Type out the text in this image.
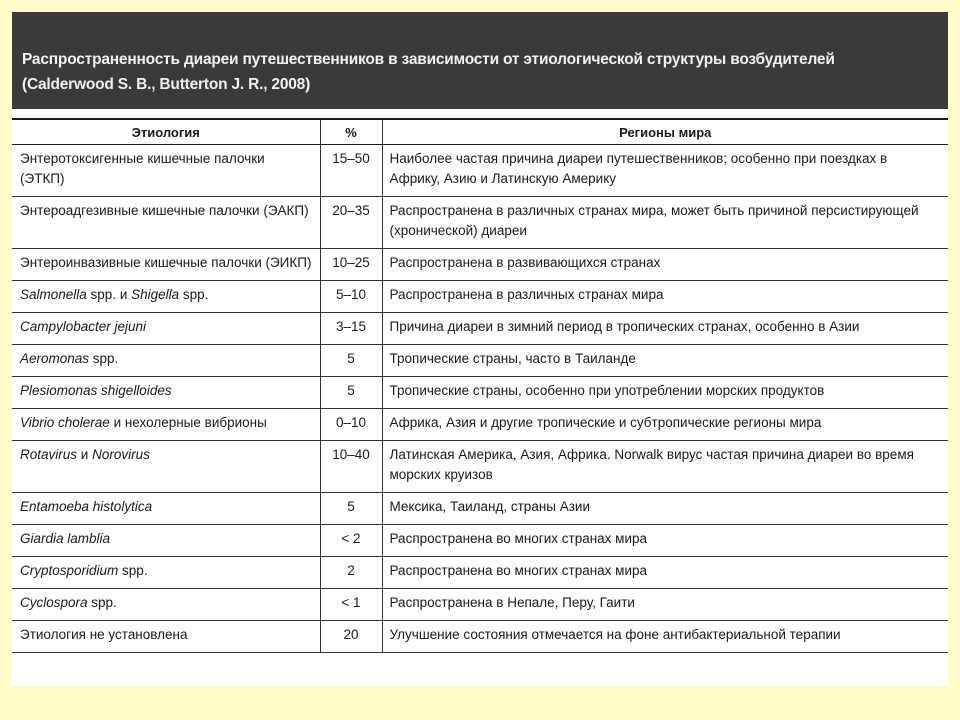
Распространенность диареи путешественников в зависимости от этиологической структуры возбудителей
(Calderwood S. B., Butterton J. R., 2008)
Этиология	%	Регионы мира
Энтеротоксигенные кишечные палочки (ЭТКП)	15–50	Наиболее частая причина диареи путешественников; особенно при поездках в Африку, Азию и Латинскую Америку
Энтероадгезивные кишечные палочки (ЭАКП)	20–35	Распространена в различных странах мира, может быть причиной персистирующей (хронической) диареи
Энтероинвазивные кишечные палочки (ЭИКП)	10–25	Распространена в развивающихся странах
Salmonella spp. и Shigella spp.	5–10	Распространена в различных странах мира
Campylobacter jejuni	3–15	Причина диареи в зимний период в тропических странах, особенно в Азии
Aeromonas spp.	5	Тропические страны, часто в Таиланде
Plesiomonas shigelloides	5	Тропические страны, особенно при употреблении морских продуктов
Vibrio cholerae и нехолерные вибрионы	0–10	Африка, Азия и другие тропические и субтропические регионы мира
Rotavirus и Norovirus	10–40	Латинская Америка, Азия, Африка. Norwalk вирус частая причина диареи во время морских круизов
Entamoeba histolytica	5	Мексика, Таиланд, страны Азии
Giardia lamblia	< 2	Распространена во многих странах мира
Cryptosporidium spp.	2	Распространена во многих странах мира
Cyclospora spp.	< 1	Распространена в Непале, Перу, Гаити
Этиология не установлена	20	Улучшение состояния отмечается на фоне антибактериальной терапии
